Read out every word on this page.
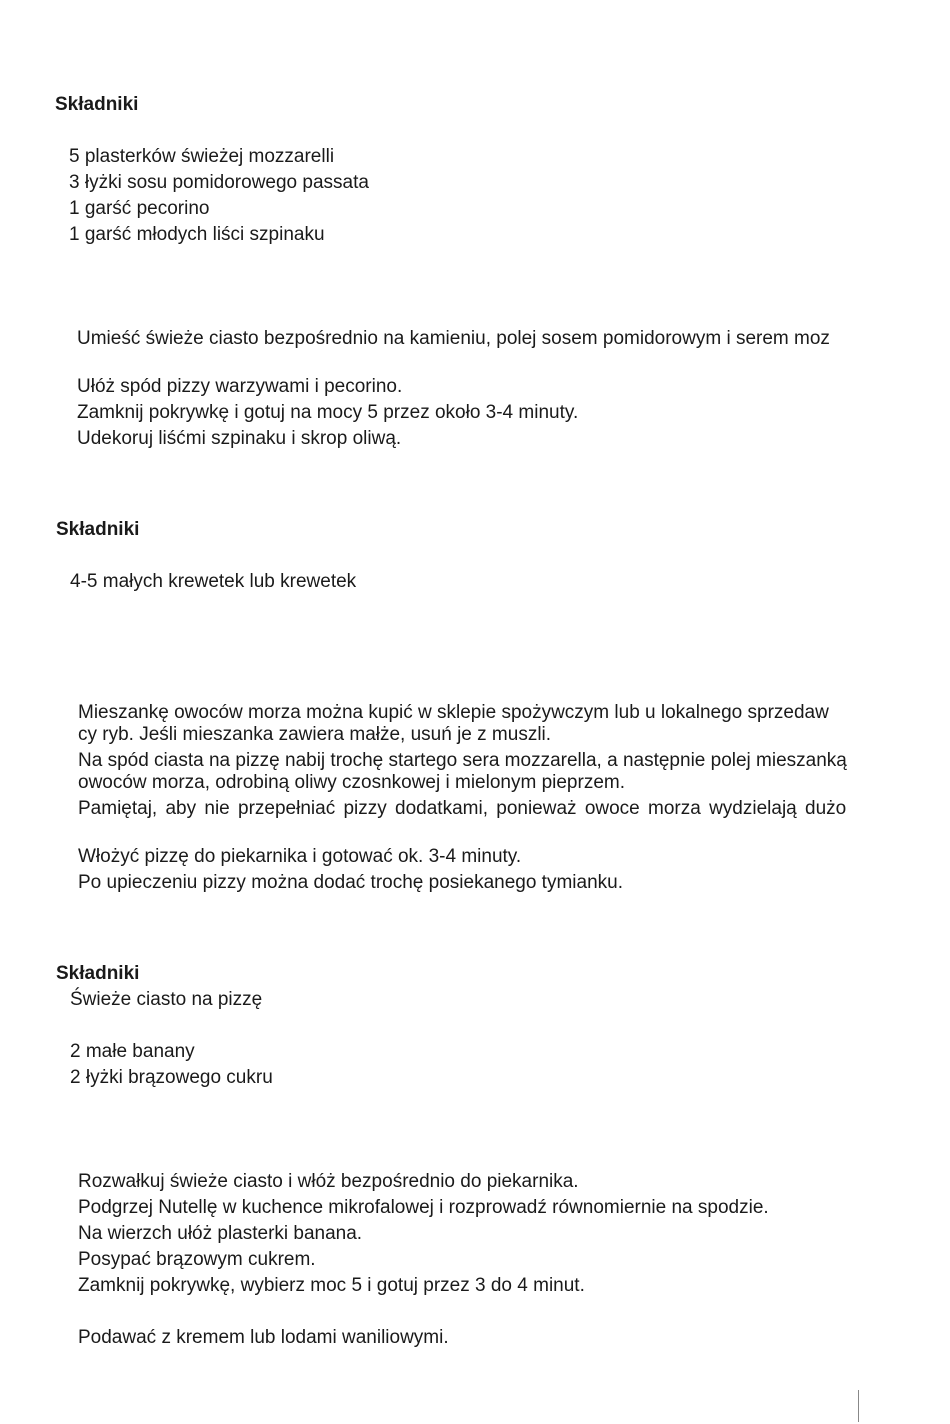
Składniki

5 plasterków świeżej mozzarelli

3 łyżki sosu pomidorowego passata

1 garść pecorino

1 garść młodych liści szpinaku

Umieść świeże ciasto bezpośrednio na kamieniu, polej sosem pomidorowym i serem moz

Ułóż spód pizzy warzywami i pecorino.

Zamknij pokrywkę i gotuj na mocy 5 przez około 3-4 minuty.

Udekoruj liśćmi szpinaku i skrop oliwą.

Składniki

4-5 małych krewetek lub krewetek

Mieszankę owoców morza można kupić w sklepie spożywczym lub u lokalnego sprzedaw

cy ryb. Jeśli mieszanka zawiera małże, usuń je z muszli.

Na spód ciasta na pizzę nabij trochę startego sera mozzarella, a następnie polej mieszanką

owoców morza, odrobiną oliwy czosnkowej i mielonym pieprzem.

Pamiętaj, aby nie przepełniać pizzy dodatkami, ponieważ owoce morza wydzielają dużo

Włożyć pizzę do piekarnika i gotować ok. 3-4 minuty.

Po upieczeniu pizzy można dodać trochę posiekanego tymianku.

Składniki

Świeże ciasto na pizzę

2 małe banany

2 łyżki brązowego cukru

Rozwałkuj świeże ciasto i włóż bezpośrednio do piekarnika.

Podgrzej Nutellę w kuchence mikrofalowej i rozprowadź równomiernie na spodzie.

Na wierzch ułóż plasterki banana.

Posypać brązowym cukrem.

Zamknij pokrywkę, wybierz moc 5 i gotuj przez 3 do 4 minut.

Podawać z kremem lub lodami waniliowymi.
